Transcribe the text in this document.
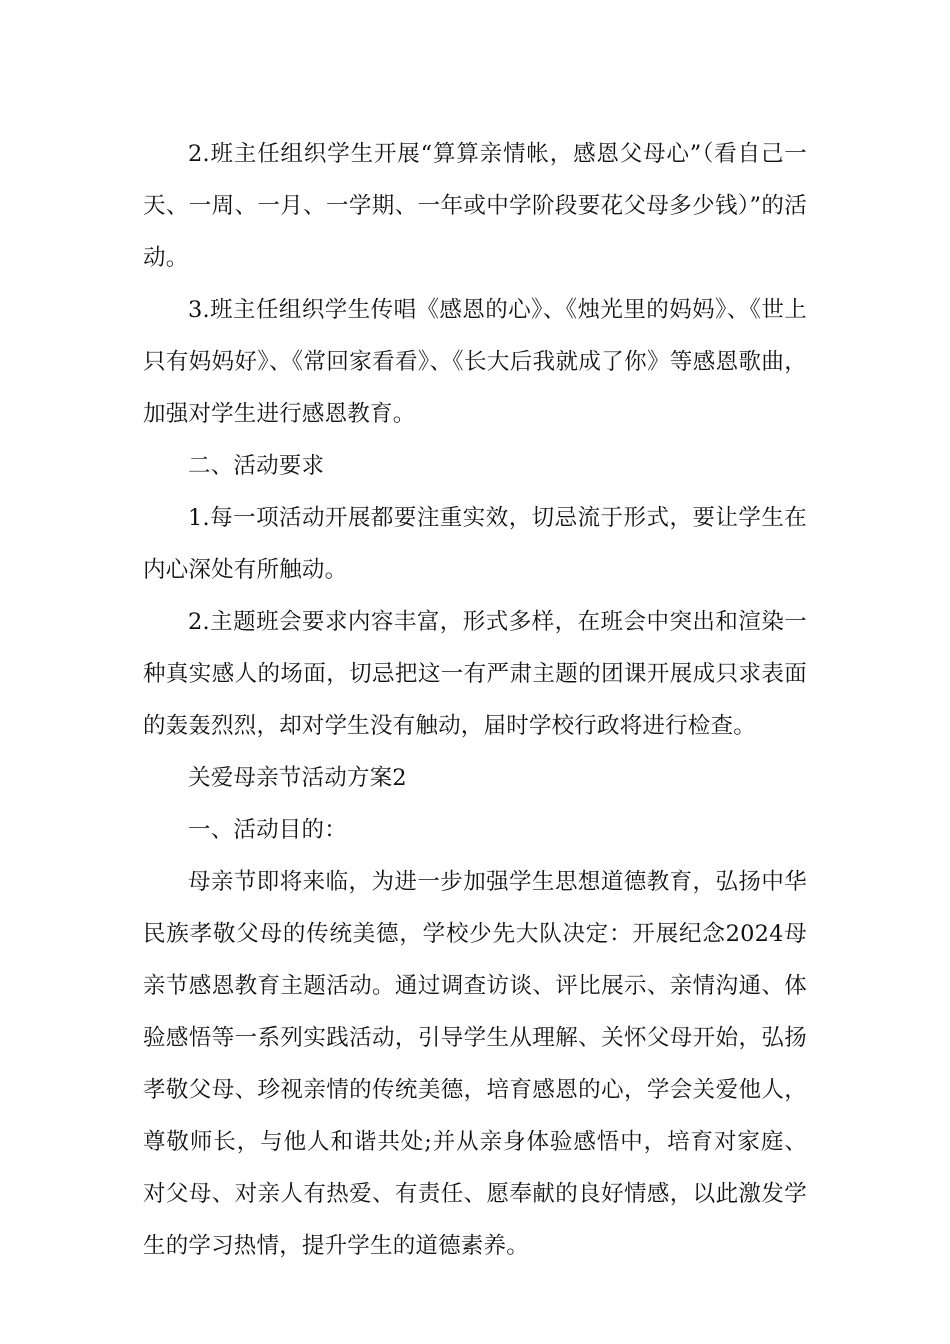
2.班主任组织学生开展“算算亲情帐，感恩父母心”（看自己一天、一周、一月、一学期、一年或中学阶段要花父母多少钱）”的活动。

3.班主任组织学生传唱《感恩的心》、《烛光里的妈妈》、《世上只有妈妈好》、《常回家看看》、《长大后我就成了你》等感恩歌曲，加强对学生进行感恩教育。

二、活动要求

1.每一项活动开展都要注重实效，切忌流于形式，要让学生在内心深处有所触动。

2.主题班会要求内容丰富，形式多样，在班会中突出和渲染一种真实感人的场面，切忌把这一有严肃主题的团课开展成只求表面的轰轰烈烈，却对学生没有触动，届时学校行政将进行检查。

关爱母亲节活动方案2

一、活动目的：

母亲节即将来临，为进一步加强学生思想道德教育，弘扬中华民族孝敬父母的传统美德，学校少先大队决定：开展纪念2024母亲节感恩教育主题活动。通过调查访谈、评比展示、亲情沟通、体验感悟等一系列实践活动，引导学生从理解、关怀父母开始，弘扬孝敬父母、珍视亲情的传统美德，培育感恩的心，学会关爱他人，尊敬师长，与他人和谐共处;并从亲身体验感悟中，培育对家庭、对父母、对亲人有热爱、有责任、愿奉献的良好情感，以此激发学生的学习热情，提升学生的道德素养。
